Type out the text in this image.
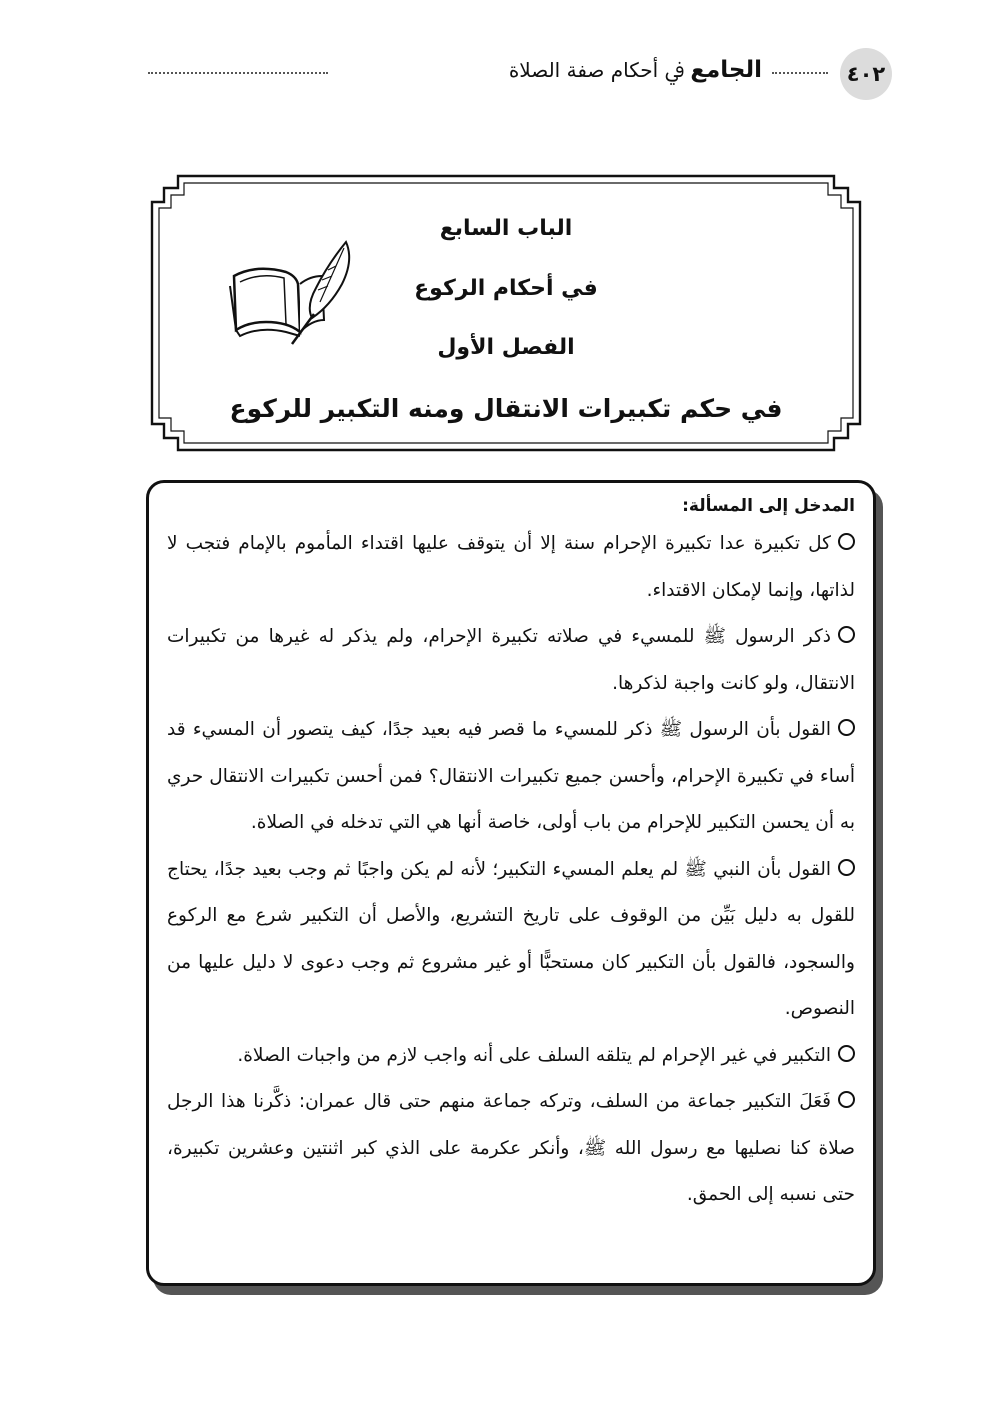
٤٠٢
الجامع ﰲ أحكام صفة الصلاة
الباب السابع
في أحكام الركوع
الفصل الأول
في حكم تكبيرات الانتقال ومنه التكبير للركوع
المدخل إلى المسألة:

كل تكبيرة عدا تكبيرة الإحرام سنة إلا أن يتوقف عليها اقتداء المأموم بالإمام فتجب لا لذاتها، وإنما لإمكان الاقتداء.

ذكر الرسول ﷺ للمسيء في صلاته تكبيرة الإحرام، ولم يذكر له غيرها من تكبيرات الانتقال، ولو كانت واجبة لذكرها.

القول بأن الرسول ﷺ ذكر للمسيء ما قصر فيه بعيد جدًا، كيف يتصور أن المسيء قد أساء في تكبيرة الإحرام، وأحسن جميع تكبيرات الانتقال؟ فمن أحسن تكبيرات الانتقال حري به أن يحسن التكبير للإحرام من باب أولى، خاصة أنها هي التي تدخله في الصلاة.

القول بأن النبي ﷺ لم يعلم المسيء التكبير؛ لأنه لم يكن واجبًا ثم وجب بعيد جدًا، يحتاج للقول به دليل بَيِّن من الوقوف على تاريخ التشريع، والأصل أن التكبير شرع مع الركوع والسجود، فالقول بأن التكبير كان مستحبًّا أو غير مشروع ثم وجب دعوى لا دليل عليها من النصوص.

التكبير في غير الإحرام لم يتلقه السلف على أنه واجب لازم من واجبات الصلاة.

فَعَلَ التكبير جماعة من السلف، وتركه جماعة منهم حتى قال عمران: ذكَّرنا هذا الرجل صلاة كنا نصليها مع رسول الله ﷺ، وأنكر عكرمة على الذي كبر اثنتين وعشرين تكبيرة، حتى نسبه إلى الحمق.
